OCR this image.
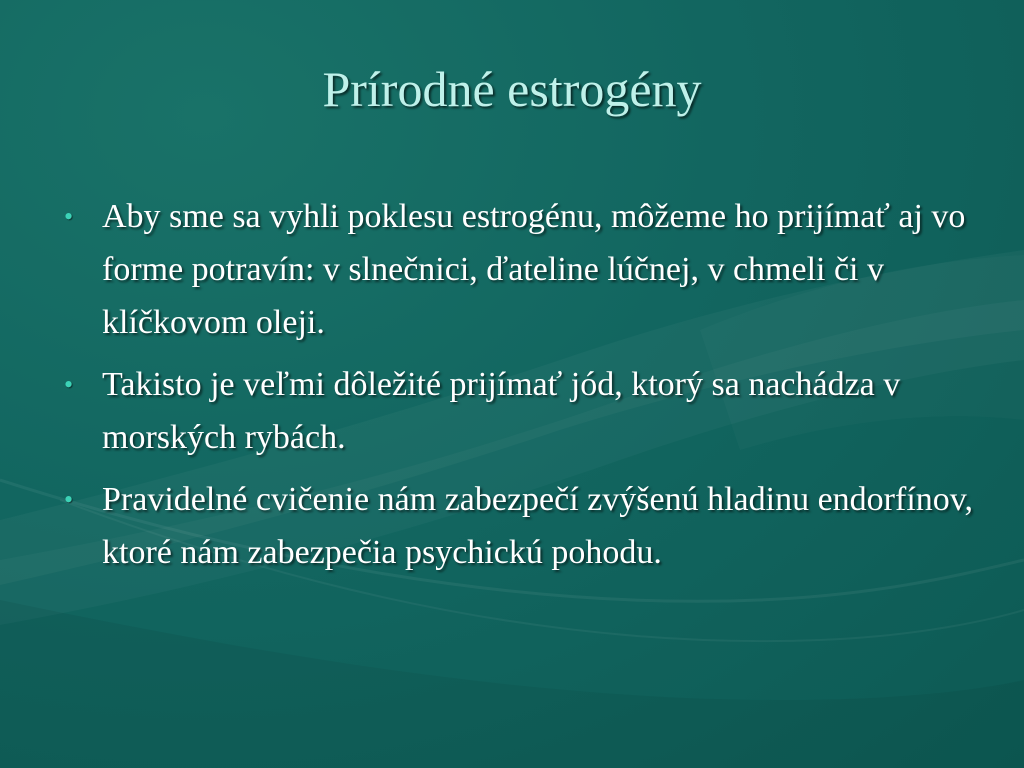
Prírodné estrogény
• Aby sme sa vyhli poklesu estrogénu, môžeme ho prijímať aj vo forme potravín: v slnečnici, ďateline lúčnej, v chmeli či v klíčkovom oleji.
• Takisto je veľmi dôležité prijímať jód, ktorý sa nachádza v morských rybách.
• Pravidelné cvičenie nám zabezpečí zvýšenú hladinu endorfínov, ktoré nám zabezpečia psychickú pohodu.
